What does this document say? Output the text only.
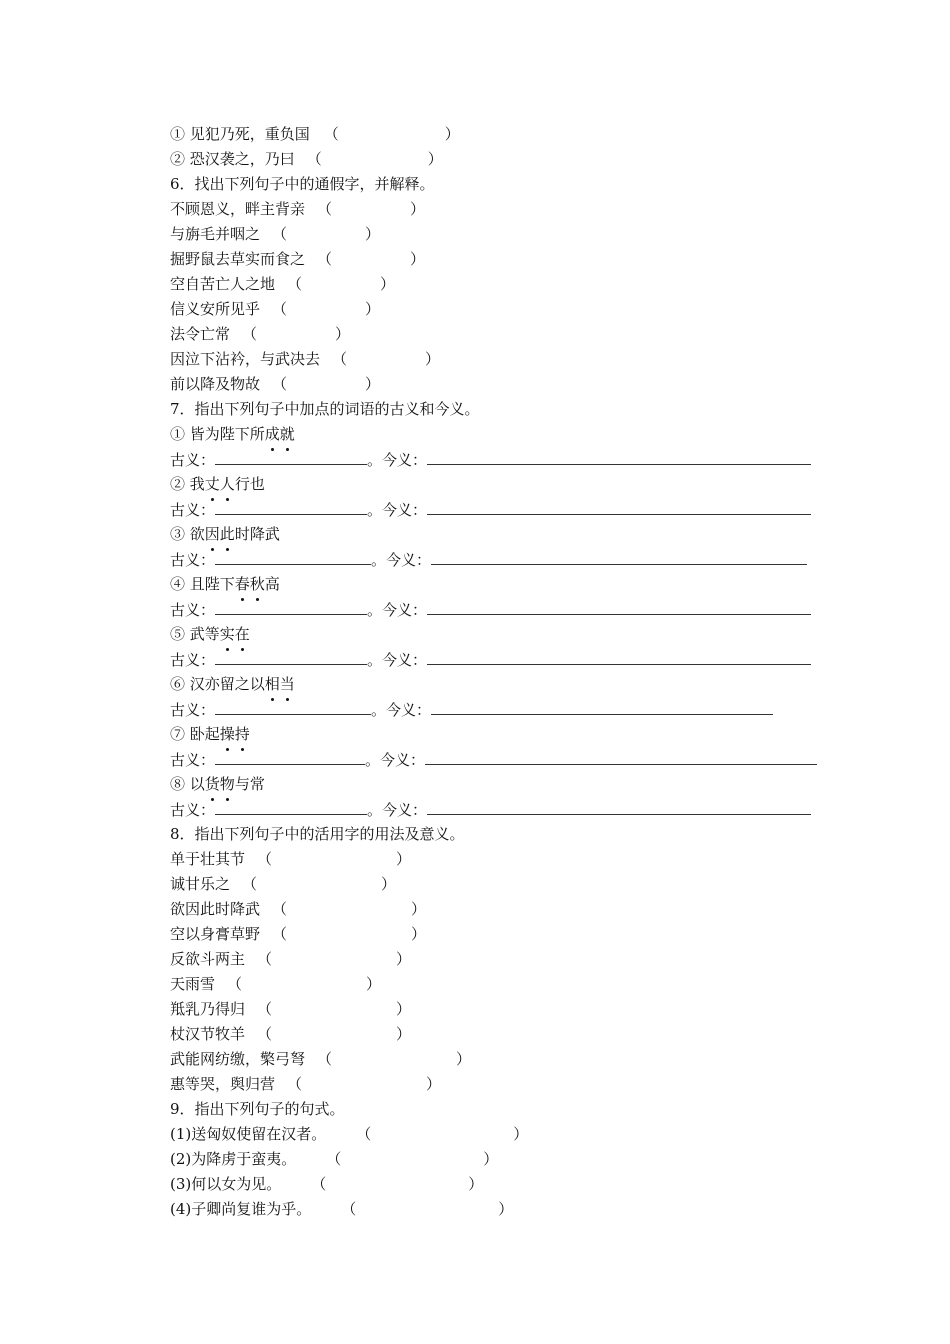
① 见犯乃死，重负国 （	）
② 恐汉袭之，乃曰 （	）
6．找出下列句子中的通假字，并解释。
不顾恩义，畔主背亲 （	）
与旃毛并咽之 （	）
掘野鼠去草实而食之 （	）
空自苦亡人之地 （	）
信义安所见乎 （	）
法令亡常 （	）
因泣下沾衿，与武决去 （	）
前以降及物故 （	）
7．指出下列句子中加点的词语的古义和今义。
① 皆为陛下所成就
古义：	。今义：
② 我丈人行也
古义：	。今义：
③ 欲因此时降武
古义：	。今义：
④ 且陛下春秋高
古义：	。今义：
⑤ 武等实在
古义：	。今义：
⑥ 汉亦留之以相当
古义：	。今义：
⑦ 卧起操持
古义：	。今义：
⑧ 以货物与常
古义：	。今义：
8．指出下列句子中的活用字的用法及意义。
单于壮其节 （	）
诚甘乐之 （	）
欲因此时降武 （	）
空以身膏草野 （	）
反欲斗两主 （	）
天雨雪 （	）
羝乳乃得归 （	）
杖汉节牧羊 （	）
武能网纺缴，檠弓弩 （	）
惠等哭，舆归营 （	）
9．指出下列句子的句式。
(1)送匈奴使留在汉者。 （	）
(2)为降虏于蛮夷。 （	）
(3)何以女为见。 （	）
(4)子卿尚复谁为乎。 （	）
